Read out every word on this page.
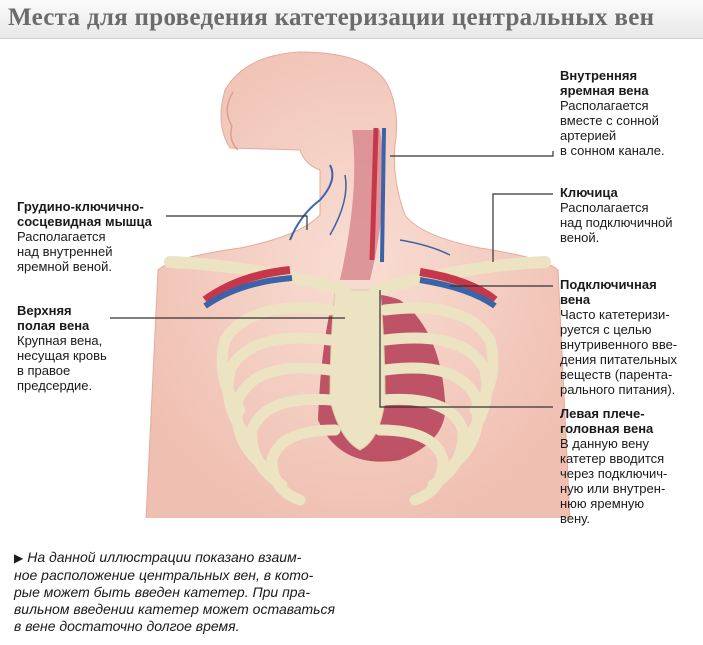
Места для проведения катетеризации центральных вен
Внутренняя
яремная вена
Располагается
вместе с сонной
артерией
в сонном канале.
Грудино-ключично-
сосцевидная мышца
Располагается
над внутренней
яремной веной.
Ключица
Располагается
над подключичной
веной.
Верхняя
полая вена
Крупная вена,
несущая кровь
в правое
предсердие.
Подключичная
вена
Часто катетеризи-
руется с целью
внутривенного вве-
дения питательных
веществ (парента-
рального питания).
Левая плече-
головная вена
В данную вену
катетер вводится
через подключич-
ную или внутрен-
нюю яремную
вену.
▶ На данной иллюстрации показано взаим-
ное расположение центральных вен, в кото-
рые может быть введен катетер. При пра-
вильном введении катетер может оставаться
в вене достаточно долгое время.
